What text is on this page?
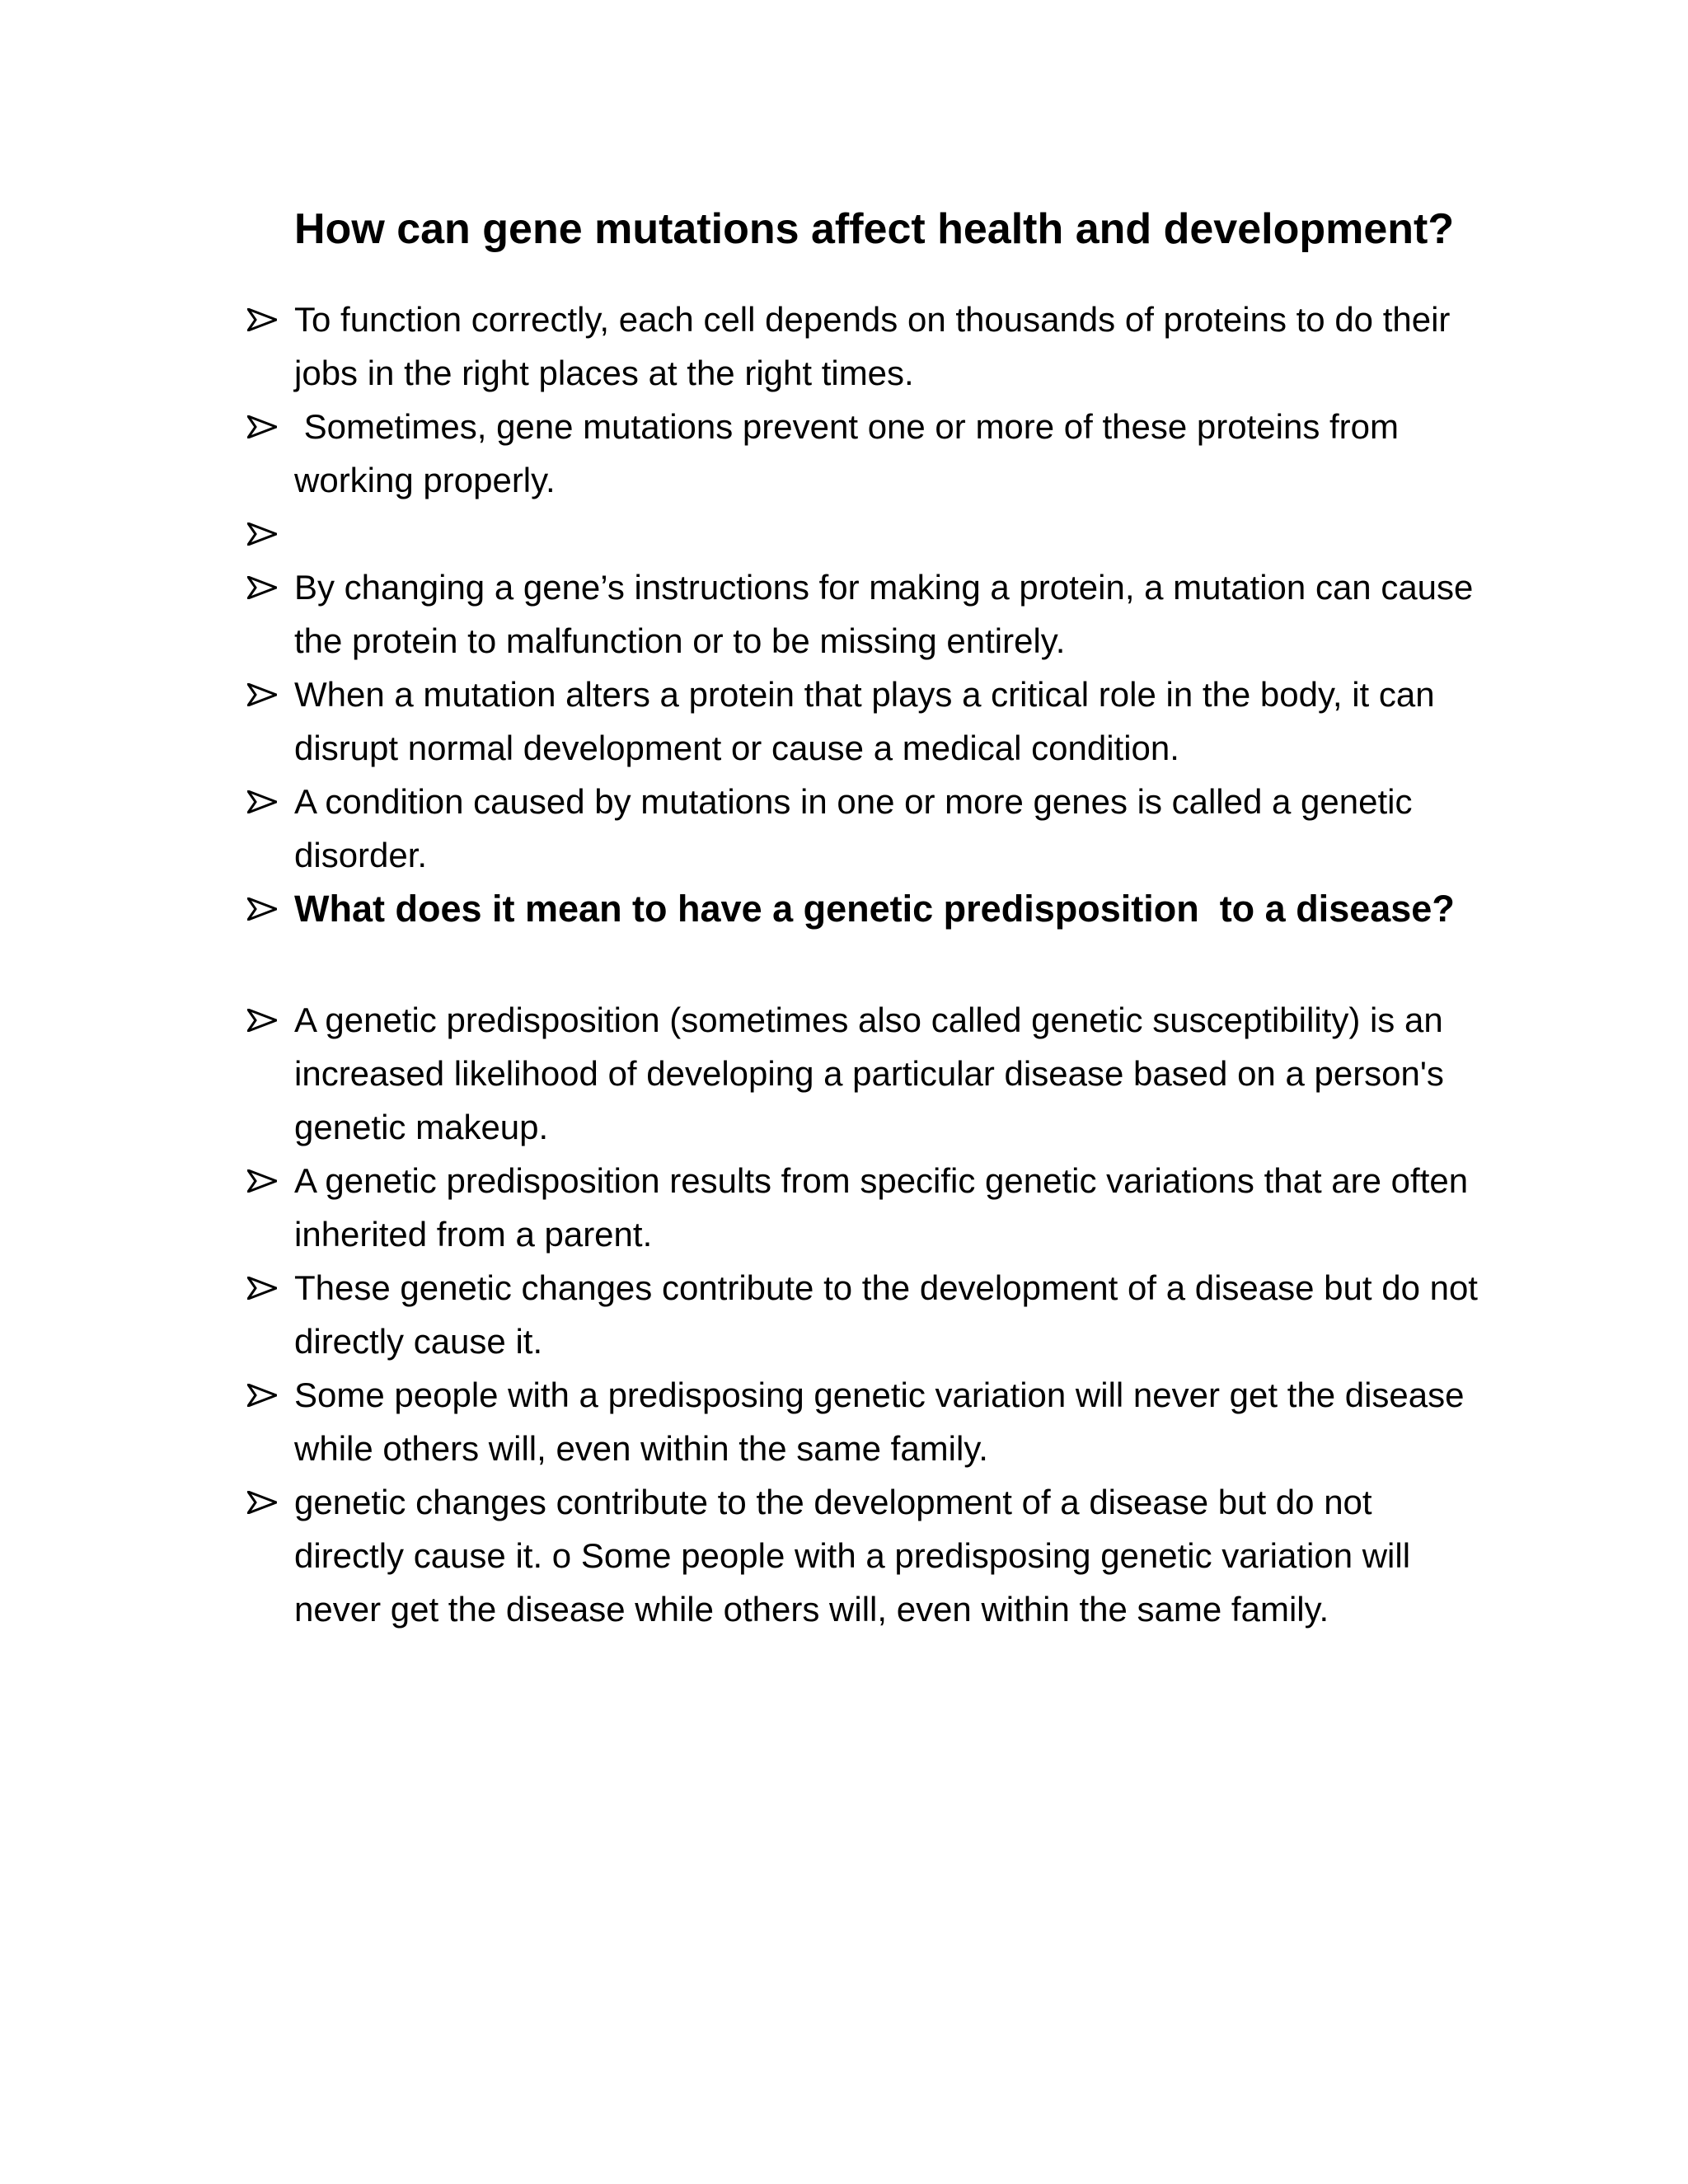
How can gene mutations affect health and development?
To function correctly, each cell depends on thousands of proteins to do their jobs in the right places at the right times.
Sometimes, gene mutations prevent one or more of these proteins from working properly.
By changing a gene’s instructions for making a protein, a mutation can cause the protein to malfunction or to be missing entirely.
When a mutation alters a protein that plays a critical role in the body, it can disrupt normal development or cause a medical condition.
A condition caused by mutations in one or more genes is called a genetic disorder.
What does it mean to have a genetic predisposition  to a disease?
A genetic predisposition (sometimes also called genetic susceptibility) is an increased likelihood of developing a particular disease based on a person's genetic makeup.
A genetic predisposition results from specific genetic variations that are often inherited from a parent.
These genetic changes contribute to the development of a disease but do not directly cause it.
Some people with a predisposing genetic variation will never get the disease while others will, even within the same family.
genetic changes contribute to the development of a disease but do not directly cause it. o Some people with a predisposing genetic variation will never get the disease while others will, even within the same family.
